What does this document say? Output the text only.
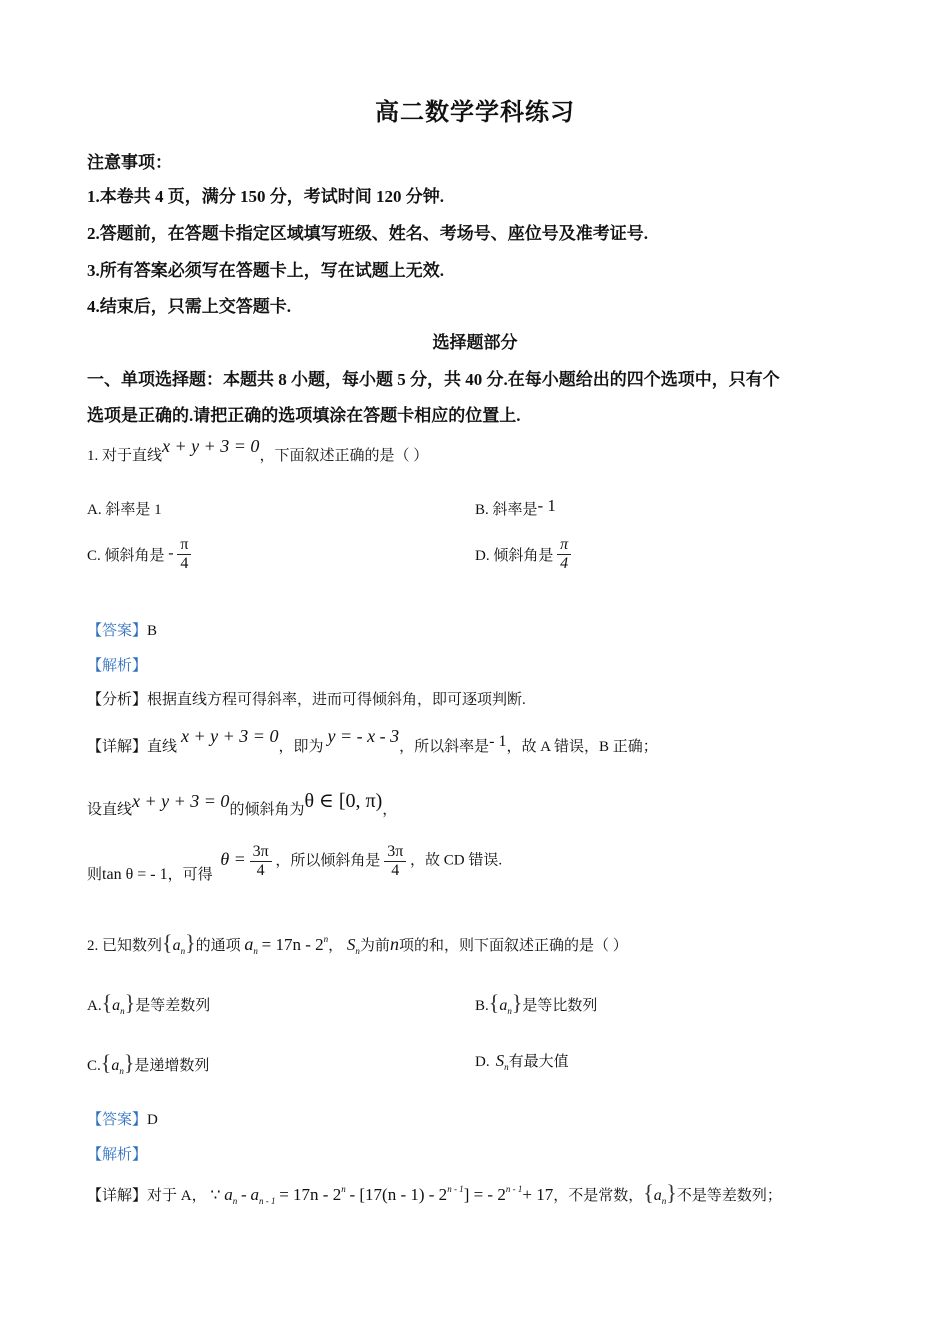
高二数学学科练习
注意事项：
1.本卷共 4 页，满分 150 分，考试时间 120 分钟.
2.答题前，在答题卡指定区域填写班级、姓名、考场号、座位号及准考证号.
3.所有答案必须写在答题卡上，写在试题上无效.
4.结束后，只需上交答题卡.
选择题部分
一、单项选择题：本题共 8 小题，每小题 5 分，共 40 分.在每小题给出的四个选项中，只有个
选项是正确的.请把正确的选项填涂在答题卡相应的位置上.
1. 对于直线x + y + 3 = 0，下面叙述正确的是（ ）
A. 斜率是 1	B. 斜率是- 1
C. 倾斜角是 - $\frac{\pi}{4}$	D. 倾斜角是 $\frac{\pi}{4}$
【答案】B
【解析】
【分析】根据直线方程可得斜率，进而可得倾斜角，即可逐项判断.
【详解】直线x + y + 3 = 0，即为y = - x - 3，所以斜率是- 1，故 A 错误，B 正确；
设直线x + y + 3 = 0的倾斜角为θ ∈ [0, π)，
则tan θ = - 1，可得 $\theta = \frac{3\pi}{4}$ ，所以倾斜角是 $\frac{3\pi}{4}$ ，故 CD 错误.
2. 已知数列$\{a_n\}$的通项 $a_n = 17n - 2^n$， $S_n$为前n项的和，则下面叙述正确的是（ ）
$A.\{a_n\}$是等差数列	$B.\{a_n\}$是等比数列
$C.\{a_n\}$是递增数列	D. $S_n$有最大值
【答案】D
【解析】
【详解】对于 A， ∵ $a_n - a_{n - 1} = 17n - 2^n - [17(n - 1) - 2^{n - 1}]$ = - $2^{n - 1}+ 17$，不是常数，$\{a_n\}$不是等差数列；
